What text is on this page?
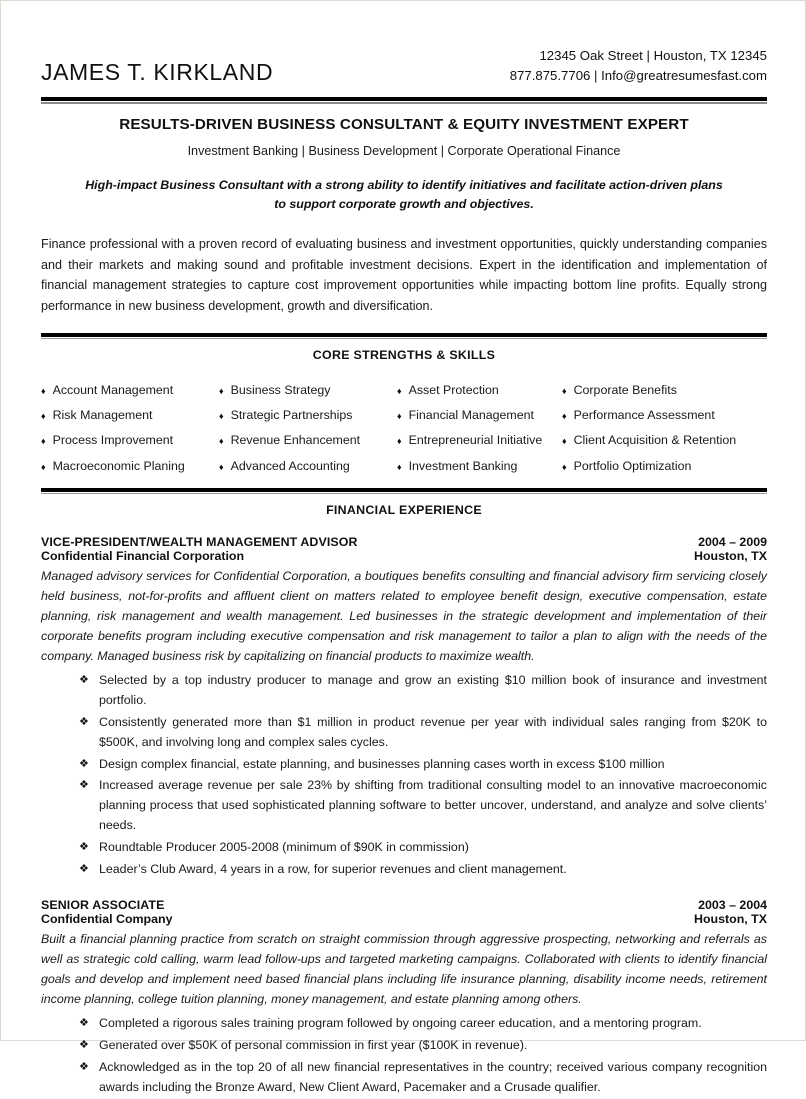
JAMES T. KIRKLAND
12345 Oak Street | Houston, TX 12345
877.875.7706 | Info@greatresumesfast.com
RESULTS-DRIVEN BUSINESS CONSULTANT & EQUITY INVESTMENT EXPERT
Investment Banking | Business Development | Corporate Operational Finance
High-impact Business Consultant with a strong ability to identify initiatives and facilitate action-driven plans to support corporate growth and objectives.
Finance professional with a proven record of evaluating business and investment opportunities, quickly understanding companies and their markets and making sound and profitable investment decisions. Expert in the identification and implementation of financial management strategies to capture cost improvement opportunities while impacting bottom line profits. Equally strong performance in new business development, growth and diversification.
CORE STRENGTHS & SKILLS
♦ Account Management	♦ Business Strategy	♦ Asset Protection	♦ Corporate Benefits
♦ Risk Management	♦ Strategic Partnerships	♦ Financial Management	♦ Performance Assessment
♦ Process Improvement	♦ Revenue Enhancement	♦ Entrepreneurial Initiative ♦ Client Acquisition & Retention
♦ Macroeconomic Planing	♦ Advanced Accounting	♦ Investment Banking	♦ Portfolio Optimization
FINANCIAL EXPERIENCE
VICE-PRESIDENT/WEALTH MANAGEMENT ADVISOR	2004 – 2009
Confidential Financial Corporation	Houston, TX
Managed advisory services for Confidential Corporation, a boutiques benefits consulting and financial advisory firm servicing closely held business, not-for-profits and affluent client on matters related to employee benefit design, executive compensation, estate planning, risk management and wealth management. Led businesses in the strategic development and implementation of their corporate benefits program including executive compensation and risk management to tailor a plan to align with the needs of the company. Managed business risk by capitalizing on financial products to maximize wealth.
❖ Selected by a top industry producer to manage and grow an existing $10 million book of insurance and investment portfolio.
❖ Consistently generated more than $1 million in product revenue per year with individual sales ranging from $20K to $500K, and involving long and complex sales cycles.
❖ Design complex financial, estate planning, and businesses planning cases worth in excess $100 million
❖ Increased average revenue per sale 23% by shifting from traditional consulting model to an innovative macroeconomic planning process that used sophisticated planning software to better uncover, understand, and analyze and solve clients’ needs.
❖ Roundtable Producer 2005-2008 (minimum of $90K in commission)
❖ Leader’s Club Award, 4 years in a row, for superior revenues and client management.
SENIOR ASSOCIATE	2003 – 2004
Confidential Company	Houston, TX
Built a financial planning practice from scratch on straight commission through aggressive prospecting, networking and referrals as well as strategic cold calling, warm lead follow-ups and targeted marketing campaigns. Collaborated with clients to identify financial goals and develop and implement need based financial plans including life insurance planning, disability income needs, retirement income planning, college tuition planning, money management, and estate planning among others.
❖ Completed a rigorous sales training program followed by ongoing career education, and a mentoring program.
❖ Generated over $50K of personal commission in first year ($100K in revenue).
❖ Acknowledged as in the top 20 of all new financial representatives in the country; received various company recognition awards including the Bronze Award, New Client Award, Pacemaker and a Crusade qualifier.
